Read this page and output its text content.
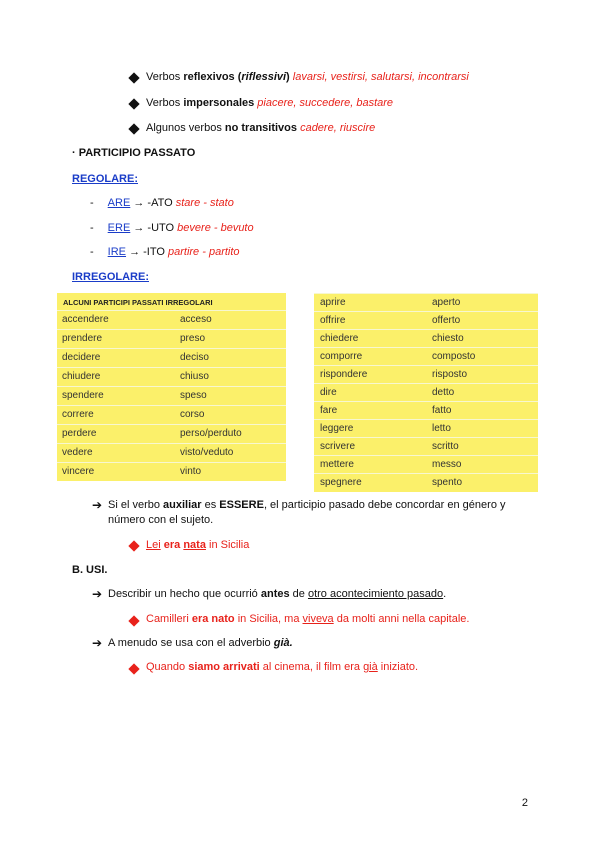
Verbos reflexivos (riflessivi) lavarsi, vestirsi, salutarsi, incontrarsi
Verbos impersonales piacere, succedere, bastare
Algunos verbos no transitivos cadere, riuscire
· PARTICIPIO PASSATO
REGOLARE:
- ARE → -ATO stare - stato
- ERE → -UTO bevere - bevuto
- IRE → -ITO partire - partito
IRREGOLARE:
ALCUNI PARTICIPI PASSATI IRREGOLARI
accendere	acceso
prendere	preso
decidere	deciso
chiudere	chiuso
spendere	speso
correre	corso
perdere	perso/perduto
vedere	visto/veduto
vincere	vinto
aprire	aperto
offrire	offerto
chiedere	chiesto
comporre	composto
rispondere	risposto
dire	detto
fare	fatto
leggere	letto
scrivere	scritto
mettere	messo
spegnere	spento
➔ Si el verbo auxiliar es ESSERE, el participio pasado debe concordar en género y
número con el sujeto.
Lei era nata in Sicilia
B. USI.
➔ Describir un hecho que ocurrió antes de otro acontecimiento pasado.
Camilleri era nato in Sicilia, ma viveva da molti anni nella capitale.
➔ A menudo se usa con el adverbio già.
Quando siamo arrivati al cinema, il film era già iniziato.
2
